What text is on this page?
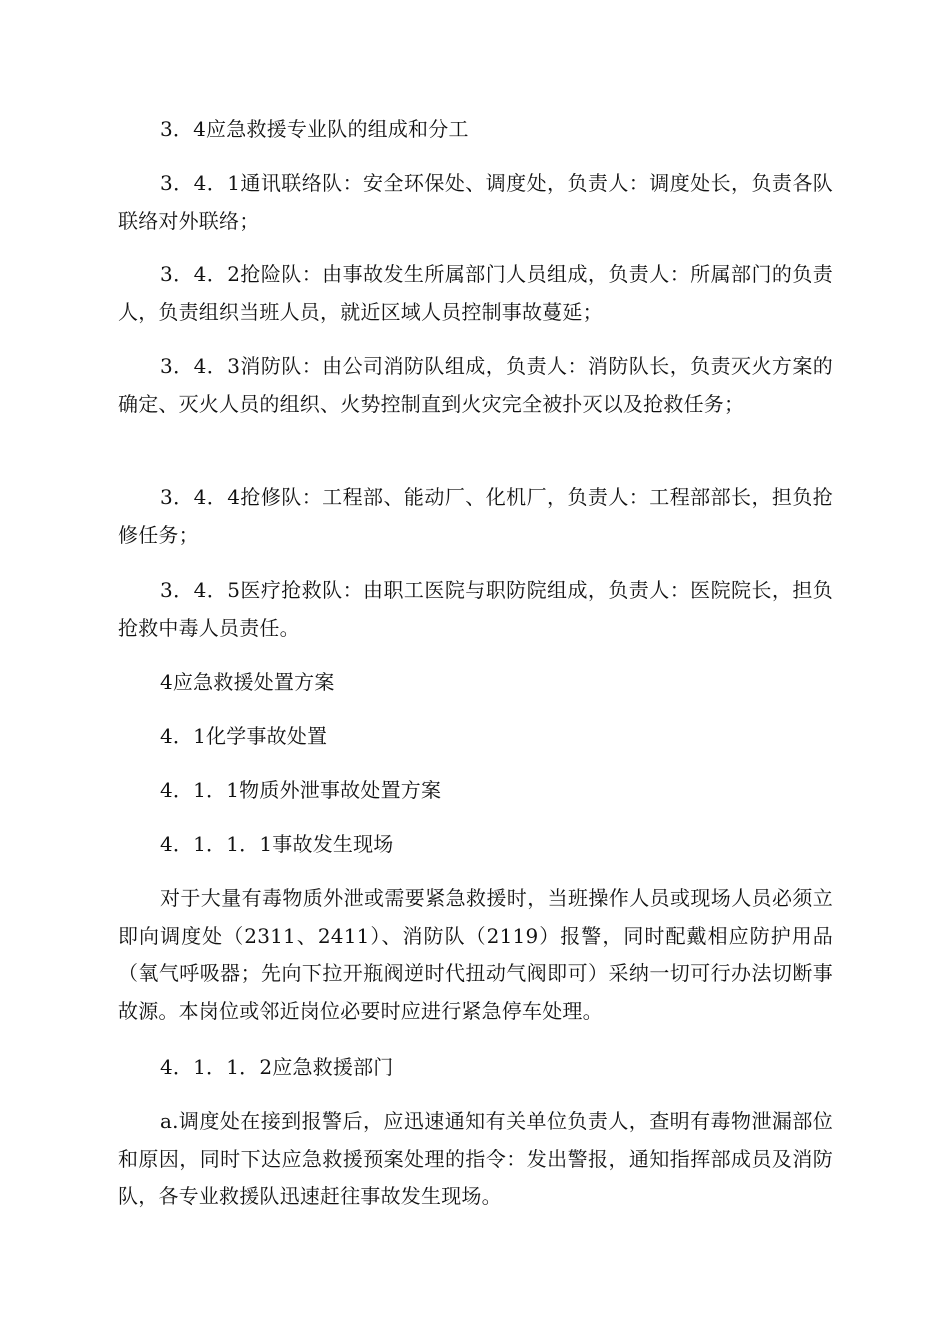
3．4应急救援专业队的组成和分工

3．4．1通讯联络队：安全环保处、调度处，负责人：调度处长，负责各队联络对外联络；

3．4．2抢险队：由事故发生所属部门人员组成，负责人：所属部门的负责人，负责组织当班人员，就近区域人员控制事故蔓延；

3．4．3消防队：由公司消防队组成，负责人：消防队长，负责灭火方案的确定、灭火人员的组织、火势控制直到火灾完全被扑灭以及抢救任务；

3．4．4抢修队：工程部、能动厂、化机厂，负责人：工程部部长，担负抢修任务；

3．4．5医疗抢救队：由职工医院与职防院组成，负责人：医院院长，担负抢救中毒人员责任。

4应急救援处置方案

4．1化学事故处置

4．1．1物质外泄事故处置方案

4．1．1．1事故发生现场

对于大量有毒物质外泄或需要紧急救援时，当班操作人员或现场人员必须立即向调度处（2311、2411）、消防队（2119）报警，同时配戴相应防护用品（氧气呼吸器；先向下拉开瓶阀逆时代扭动气阀即可）采纳一切可行办法切断事故源。本岗位或邻近岗位必要时应进行紧急停车处理。

4．1．1．2应急救援部门

a.调度处在接到报警后，应迅速通知有关单位负责人，查明有毒物泄漏部位和原因，同时下达应急救援预案处理的指令：发出警报，通知指挥部成员及消防队，各专业救援队迅速赶往事故发生现场。
